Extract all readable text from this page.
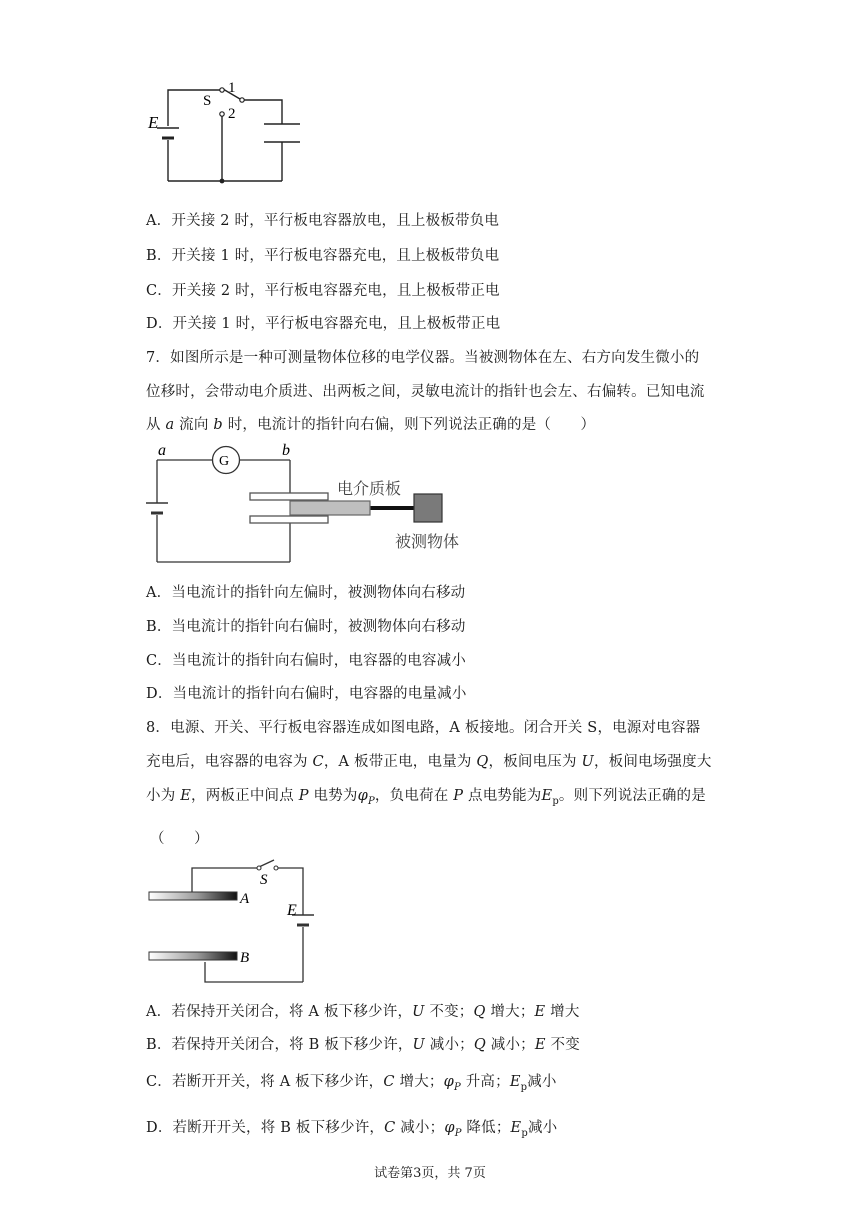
E
S
1
2
A．开关接 2 时，平行板电容器放电，且上极板带负电
B．开关接 1 时，平行板电容器充电，且上极板带负电
C．开关接 2 时，平行板电容器充电，且上极板带正电
D．开关接 1 时，平行板电容器充电，且上极板带正电
7．如图所示是一种可测量物体位移的电学仪器。当被测物体在左、右方向发生微小的
位移时，会带动电介质进、出两板之间，灵敏电流计的指针也会左、右偏转。已知电流
从 a 流向 b 时，电流计的指针向右偏，则下列说法正确的是（　　）
a	b
G
电介质板
被测物体
A．当电流计的指针向左偏时，被测物体向右移动
B．当电流计的指针向右偏时，被测物体向右移动
C．当电流计的指针向右偏时，电容器的电容减小
D．当电流计的指针向右偏时，电容器的电量减小
8．电源、开关、平行板电容器连成如图电路，A 板接地。闭合开关 S，电源对电容器
充电后，电容器的电容为 C，A 板带正电，电量为 Q，板间电压为 U，板间电场强度大
小为 E，两板正中间点 P 电势为$\varphi_P$，负电荷在 P 点电势能为$E_p$。则下列说法正确的是
（　　）
S
A
E
B
A．若保持开关闭合，将 A 板下移少许，U 不变；Q 增大；E 增大
B．若保持开关闭合，将 B 板下移少许，U 减小；Q 减小；E 不变
C．若断开开关，将 A 板下移少许，C 增大；$\varphi_P$ 升高；$E_p$减小
D．若断开开关，将 B 板下移少许，C 减小；$\varphi_P$ 降低；$E_p$减小
试卷第3页，共 7页
